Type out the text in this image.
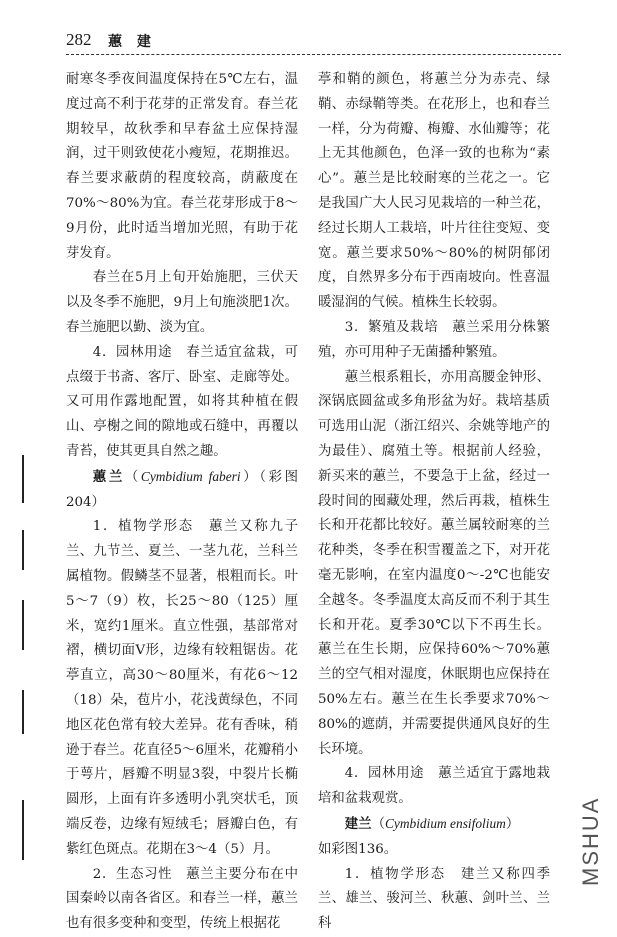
282 蕙 建

耐寒冬季夜间温度保持在5℃左右，温度过高不利于花芽的正常发育。春兰花期较早，故秋季和早春盆土应保持湿润，过干则致使花小瘦短，花期推迟。春兰要求蔽荫的程度较高，荫蔽度在70%～80%为宜。春兰花芽形成于8～9月份，此时适当增加光照，有助于花芽发育。

春兰在5月上旬开始施肥，三伏天以及冬季不施肥，9月上旬施淡肥1次。春兰施肥以勤、淡为宜。

4．园林用途　春兰适宜盆栽，可点缀于书斋、客厅、卧室、走廊等处。又可用作露地配置，如将其种植在假山、亭榭之间的隙地或石缝中，再覆以青苔，使其更具自然之趣。

蕙兰（Cymbidium faberi）（彩图204）

1．植物学形态　蕙兰又称九子兰、九节兰、夏兰、一茎九花，兰科兰属植物。假鳞茎不显著，根粗而长。叶5～7（9）枚，长25～80（125）厘米，宽约1厘米。直立性强，基部常对褶，横切面V形，边缘有较粗锯齿。花葶直立，高30～80厘米，有花6～12（18）朵，苞片小，花浅黄绿色，不同地区花色常有较大差异。花有香味，稍逊于春兰。花直径5～6厘米，花瓣稍小于萼片，唇瓣不明显3裂，中裂片长椭圆形，上面有许多透明小乳突状毛，顶端反卷，边缘有短绒毛；唇瓣白色，有紫红色斑点。花期在3～4（5）月。

2．生态习性　蕙兰主要分布在中国秦岭以南各省区。和春兰一样，蕙兰也有很多变种和变型，传统上根据花

葶和鞘的颜色，将蕙兰分为赤壳、绿鞘、赤绿鞘等类。在花形上，也和春兰一样，分为荷瓣、梅瓣、水仙瓣等；花上无其他颜色，色泽一致的也称为“素心”。蕙兰是比较耐寒的兰花之一。它是我国广大人民习见栽培的一种兰花，经过长期人工栽培，叶片往往变短、变宽。蕙兰要求50%～80%的树阴郁闭度，自然界多分布于西南坡向。性喜温暖湿润的气候。植株生长较弱。

3．繁殖及栽培　蕙兰采用分株繁殖，亦可用种子无菌播种繁殖。

蕙兰根系粗长，亦用高腰金钟形、深锅底圆盆或多角形盆为好。栽培基质可选用山泥（浙江绍兴、余姚等地产的为最佳）、腐殖土等。根据前人经验，新买来的蕙兰，不要急于上盆，经过一段时间的囤藏处理，然后再栽，植株生长和开花都比较好。蕙兰属较耐寒的兰花种类，冬季在积雪覆盖之下，对开花毫无影响，在室内温度0～-2℃也能安全越冬。冬季温度太高反而不利于其生长和开花。夏季30℃以下不再生长。蕙兰在生长期，应保持60%～70%蕙兰的空气相对湿度，休眠期也应保持在50%左右。蕙兰在生长季要求70%～80%的遮荫，并需要提供通风良好的生长环境。

4．园林用途　蕙兰适宜于露地栽培和盆栽观赏。

建兰（Cymbidium ensifolium）

如彩图136。

1．植物学形态　建兰又称四季兰、雄兰、骏河兰、秋蕙、剑叶兰、兰科

MSHUA
